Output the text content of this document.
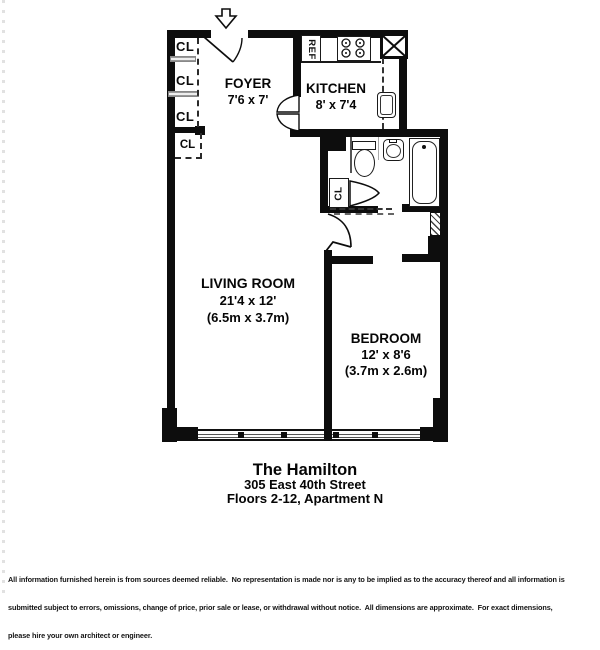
REF
CL
CL
CL
CL
CL
FOYER
7'6 x 7'
KITCHEN
8' x 7'4
LIVING ROOM
21'4 x 12'
(6.5m x 3.7m)
BEDROOM
12' x 8'6
(3.7m x 2.6m)
The Hamilton
305 East 40th Street
Floors 2-12, Apartment N

All information furnished herein is from sources deemed reliable.  No representation is made nor is any to be implied as to the accuracy thereof and all information is

submitted subject to errors, omissions, change of price, prior sale or lease, or withdrawal without notice.  All dimensions are approximate.  For exact dimensions,

please hire your own architect or engineer.
